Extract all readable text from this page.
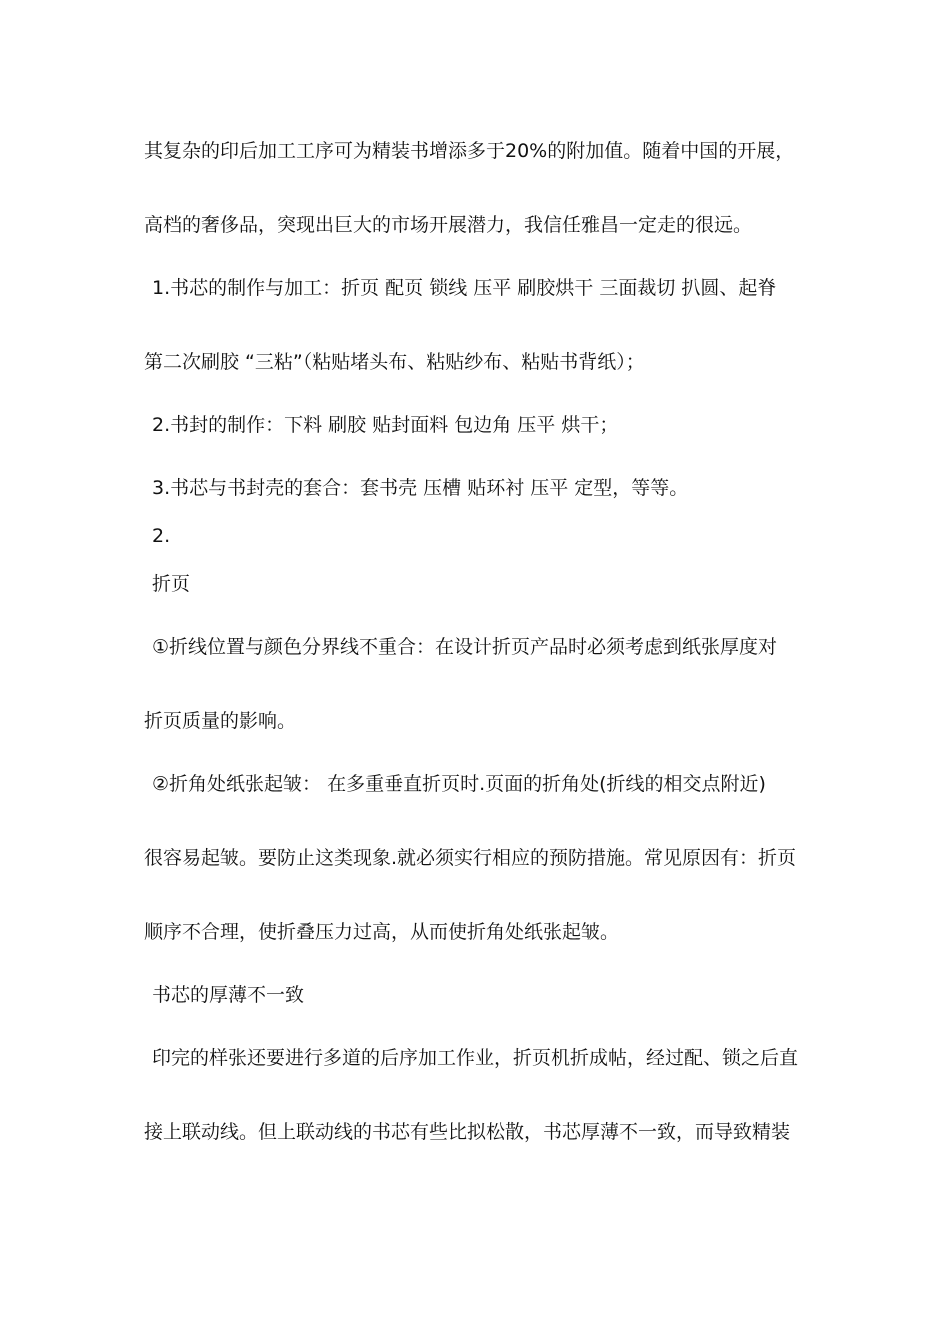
其复杂的印后加工工序可为精装书增添多于20%的附加值。随着中国的开展，
高档的奢侈品，突现出巨大的市场开展潜力，我信任雅昌一定走的很远。
1.书芯的制作与加工：折页 配页 锁线 压平 刷胶烘干 三面裁切 扒圆、起脊
第二次刷胶 “三粘”（粘贴堵头布、粘贴纱布、粘贴书背纸）；
2.书封的制作：下料 刷胶 贴封面料 包边角 压平 烘干；
3.书芯与书封壳的套合：套书壳 压槽 贴环衬 压平 定型，等等。
2.
折页
①折线位置与颜色分界线不重合：在设计折页产品时必须考虑到纸张厚度对
折页质量的影响。
②折角处纸张起皱： 在多重垂直折页时.页面的折角处(折线的相交点附近)
很容易起皱。要防止这类现象.就必须实行相应的预防措施。常见原因有：折页
顺序不合理，使折叠压力过高，从而使折角处纸张起皱。
书芯的厚薄不一致
印完的样张还要进行多道的后序加工作业，折页机折成帖，经过配、锁之后直
接上联动线。但上联动线的书芯有些比拟松散，书芯厚薄不一致，而导致精装
